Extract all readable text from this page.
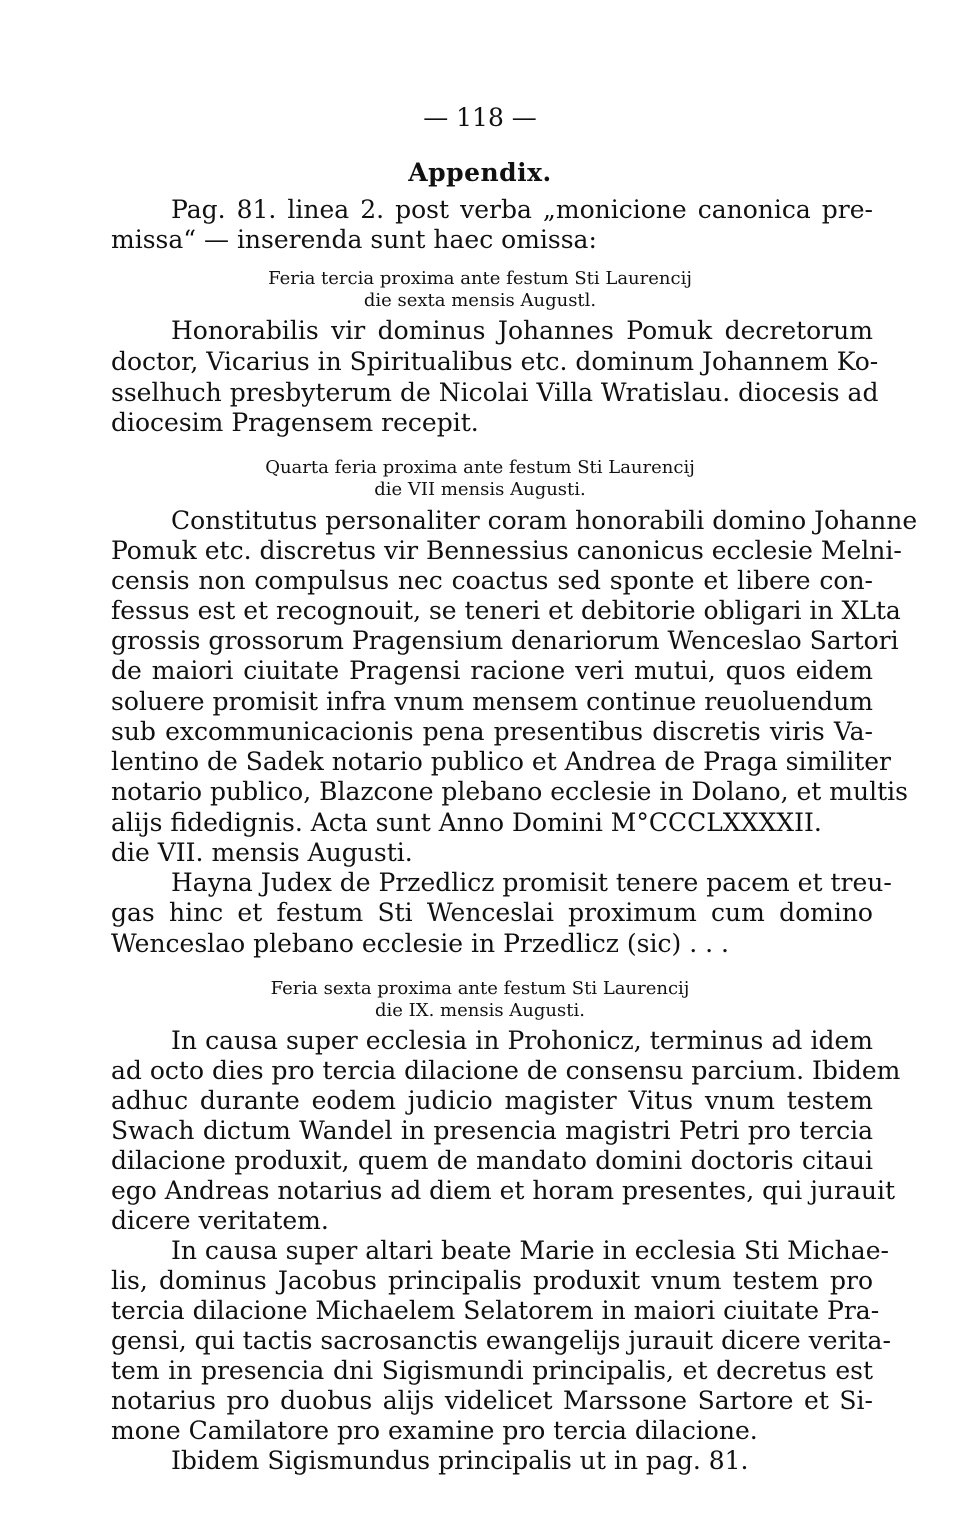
— 118 —
Appendix.
Pag. 81. linea 2. post verba „monicione canonica pre-
missa“ — inserenda sunt haec omissa:
Feria tercia proxima ante festum Sti Laurencij
die sexta mensis Augustl.
Honorabilis vir dominus Johannes Pomuk decretorum
doctor, Vicarius in Spiritualibus etc. dominum Johannem Ko-
sselhuch presbyterum de Nicolai Villa Wratislau. diocesis ad
diocesim Pragensem recepit.
Quarta feria proxima ante festum Sti Laurencij
die VII mensis Augusti.
Constitutus personaliter coram honorabili domino Johanne
Pomuk etc. discretus vir Bennessius canonicus ecclesie Melni-
censis non compulsus nec coactus sed sponte et libere con-
fessus est et recognouit, se teneri et debitorie obligari in XLta
grossis grossorum Pragensium denariorum Wenceslao Sartori
de maiori ciuitate Pragensi racione veri mutui, quos eidem
soluere promisit infra vnum mensem continue reuoluendum
sub excommunicacionis pena presentibus discretis viris Va-
lentino de Sadek notario publico et Andrea de Praga similiter
notario publico, Blazcone plebano ecclesie in Dolano, et multis
alijs fidedignis. Acta sunt Anno Domini M°CCCLXXXXII.
die VII. mensis Augusti.
Hayna Judex de Przedlicz promisit tenere pacem et treu-
gas hinc et festum Sti Wenceslai proximum cum domino
Wenceslao plebano ecclesie in Przedlicz (sic) . . .
Feria sexta proxima ante festum Sti Laurencij
die IX. mensis Augusti.
In causa super ecclesia in Prohonicz, terminus ad idem
ad octo dies pro tercia dilacione de consensu parcium. Ibidem
adhuc durante eodem judicio magister Vitus vnum testem
Swach dictum Wandel in presencia magistri Petri pro tercia
dilacione produxit, quem de mandato domini doctoris citaui
ego Andreas notarius ad diem et horam presentes, qui jurauit
dicere veritatem.
In causa super altari beate Marie in ecclesia Sti Michae-
lis, dominus Jacobus principalis produxit vnum testem pro
tercia dilacione Michaelem Selatorem in maiori ciuitate Pra-
gensi, qui tactis sacrosanctis ewangelijs jurauit dicere verita-
tem in presencia dni Sigismundi principalis, et decretus est
notarius pro duobus alijs videlicet Marssone Sartore et Si-
mone Camilatore pro examine pro tercia dilacione.
Ibidem Sigismundus principalis ut in pag. 81.
